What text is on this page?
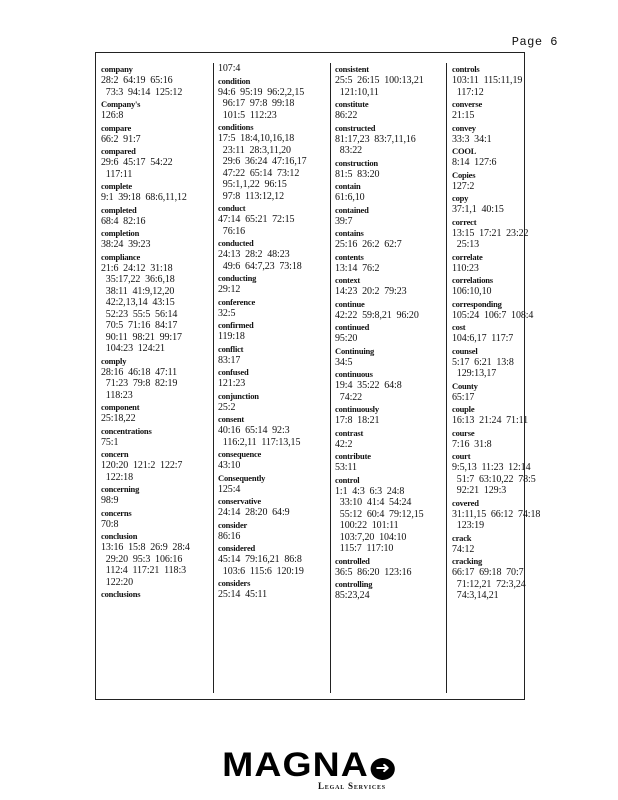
Page 6
company
28:2  64:19  65:16
73:3  94:14  125:12
Company's
126:8
compare
66:2  91:7
compared
29:6  45:17  54:22
117:11
complete
9:1  39:18  68:6,11,12
completed
68:4  82:16
completion
38:24  39:23
compliance
21:6  24:12  31:18
35:17,22  36:6,18
38:11  41:9,12,20
42:2,13,14  43:15
52:23  55:5  56:14
70:5  71:16  84:17
90:11  98:21  99:17
104:23  124:21
comply
28:16  46:18  47:11
71:23  79:8  82:19
118:23
component
25:18,22
concentrations
75:1
concern
120:20  121:2  122:7
122:18
concerning
98:9
concerns
70:8
conclusion
13:16  15:8  26:9  28:4
29:20  95:3  106:16
112:4  117:21  118:3
122:20
conclusions
107:4
condition
94:6  95:19  96:2,2,15
96:17  97:8  99:18
101:5  112:23
conditions
17:5  18:4,10,16,18
23:11  28:3,11,20
29:6  36:24  47:16,17
47:22  65:14  73:12
95:1,1,22  96:15
97:8  113:12,12
conduct
47:14  65:21  72:15
76:16
conducted
24:13  28:2  48:23
49:6  64:7,23  73:18
conducting
29:12
conference
32:5
confirmed
119:18
conflict
83:17
confused
121:23
conjunction
25:2
consent
40:16  65:14  92:3
116:2,11  117:13,15
consequence
43:10
Consequently
125:4
conservative
24:14  28:20  64:9
consider
86:16
considered
45:14  79:16,21  86:8
103:6  115:6  120:19
considers
25:14  45:11
consistent
25:5  26:15  100:13,21
121:10,11
constitute
86:22
constructed
81:17,23  83:7,11,16
83:22
construction
81:5  83:20
contain
61:6,10
contained
39:7
contains
25:16  26:2  62:7
contents
13:14  76:2
context
14:23  20:2  79:23
continue
42:22  59:8,21  96:20
continued
95:20
Continuing
34:5
continuous
19:4  35:22  64:8
74:22
continuously
17:8  18:21
contrast
42:2
contribute
53:11
control
1:1  4:3  6:3  24:8
33:10  41:4  54:24
55:12  60:4  79:12,15
100:22  101:11
103:7,20  104:10
115:7  117:10
controlled
36:5  86:20  123:16
controlling
85:23,24
controls
103:11  115:11,19
117:12
converse
21:15
convey
33:3  34:1
COOL
8:14  127:6
Copies
127:2
copy
37:1,1  40:15
correct
13:15  17:21  23:22
25:13
correlate
110:23
correlations
106:10,10
corresponding
105:24  106:7  108:4
cost
104:6,17  117:7
counsel
5:17  6:21  13:8
129:13,17
County
65:17
couple
16:13  21:24  71:11
course
7:16  31:8
court
9:5,13  11:23  12:14
51:7  63:10,22  78:5
92:21  129:3
covered
31:11,15  66:12  74:18
123:19
crack
74:12
cracking
66:17  69:18  70:7
71:12,21  72:3,24
74:3,14,21
MAGNA ➜
Legal Services
